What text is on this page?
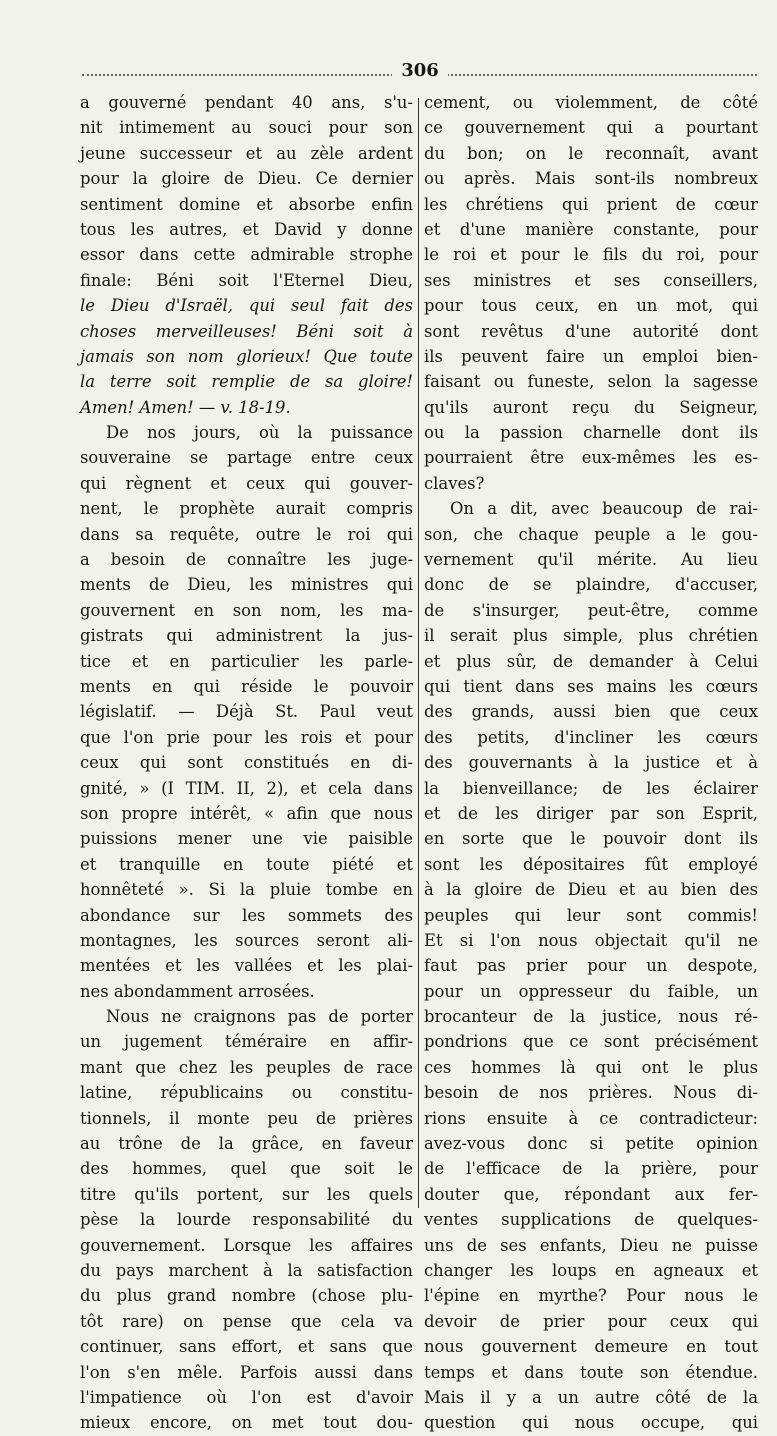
306
a gouverné pendant 40 ans, s'u-
nit intimement au souci pour son
jeune successeur et au zèle ardent
pour la gloire de Dieu. Ce dernier
sentiment domine et absorbe enfin
tous les autres, et David y donne
essor dans cette admirable strophe
finale: Béni soit l'Eternel Dieu,
le Dieu d'Israël, qui seul fait des
choses merveilleuses! Béni soit à
jamais son nom glorieux! Que toute
la terre soit remplie de sa gloire!
Amen! Amen! — v. 18-19.
De nos jours, où la puissance
souveraine se partage entre ceux
qui règnent et ceux qui gouver-
nent, le prophète aurait compris
dans sa requête, outre le roi qui
a besoin de connaître les juge-
ments de Dieu, les ministres qui
gouvernent en son nom, les ma-
gistrats qui administrent la jus-
tice et en particulier les parle-
ments en qui réside le pouvoir
législatif. — Déjà St. Paul veut
que l'on prie pour les rois et pour
ceux qui sont constitués en di-
gnité, » (I TIM. II, 2), et cela dans
son propre intérêt, « afin que nous
puissions mener une vie paisible
et tranquille en toute piété et
honnêteté ». Si la pluie tombe en
abondance sur les sommets des
montagnes, les sources seront ali-
mentées et les vallées et les plai-
nes abondamment arrosées.
Nous ne craignons pas de porter
un jugement téméraire en affir-
mant que chez les peuples de race
latine, républicains ou constitu-
tionnels, il monte peu de prières
au trône de la grâce, en faveur
des hommes, quel que soit le
titre qu'ils portent, sur les quels
pèse la lourde responsabilité du
gouvernement. Lorsque les affaires
du pays marchent à la satisfaction
du plus grand nombre (chose plu-
tôt rare) on pense que cela va
continuer, sans effort, et sans que
l'on s'en mêle. Parfois aussi dans
l'impatience où l'on est d'avoir
mieux encore, on met tout dou-
cement, ou violemment, de côté
ce gouvernement qui a pourtant
du bon; on le reconnaît, avant
ou après. Mais sont-ils nombreux
les chrétiens qui prient de cœur
et d'une manière constante, pour
le roi et pour le fils du roi, pour
ses ministres et ses conseillers,
pour tous ceux, en un mot, qui
sont revêtus d'une autorité dont
ils peuvent faire un emploi bien-
faisant ou funeste, selon la sagesse
qu'ils auront reçu du Seigneur,
ou la passion charnelle dont ils
pourraient être eux-mêmes les es-
claves?
On a dit, avec beaucoup de rai-
son, che chaque peuple a le gou-
vernement qu'il mérite. Au lieu
donc de se plaindre, d'accuser,
de s'insurger, peut-être, comme
il serait plus simple, plus chrétien
et plus sûr, de demander à Celui
qui tient dans ses mains les cœurs
des grands, aussi bien que ceux
des petits, d'incliner les cœurs
des gouvernants à la justice et à
la bienveillance; de les éclairer
et de les diriger par son Esprit,
en sorte que le pouvoir dont ils
sont les dépositaires fût employé
à la gloire de Dieu et au bien des
peuples qui leur sont commis!
Et si l'on nous objectait qu'il ne
faut pas prier pour un despote,
pour un oppresseur du faible, un
brocanteur de la justice, nous ré-
pondrions que ce sont précisément
ces hommes là qui ont le plus
besoin de nos prières. Nous di-
rions ensuite à ce contradicteur:
avez-vous donc si petite opinion
de l'efficace de la prière, pour
douter que, répondant aux fer-
ventes supplications de quelques-
uns de ses enfants, Dieu ne puisse
changer les loups en agneaux et
l'épine en myrthe? Pour nous le
devoir de prier pour ceux qui
nous gouvernent demeure en tout
temps et dans toute son étendue.
Mais il y a un autre côté de la
question qui nous occupe, qui
